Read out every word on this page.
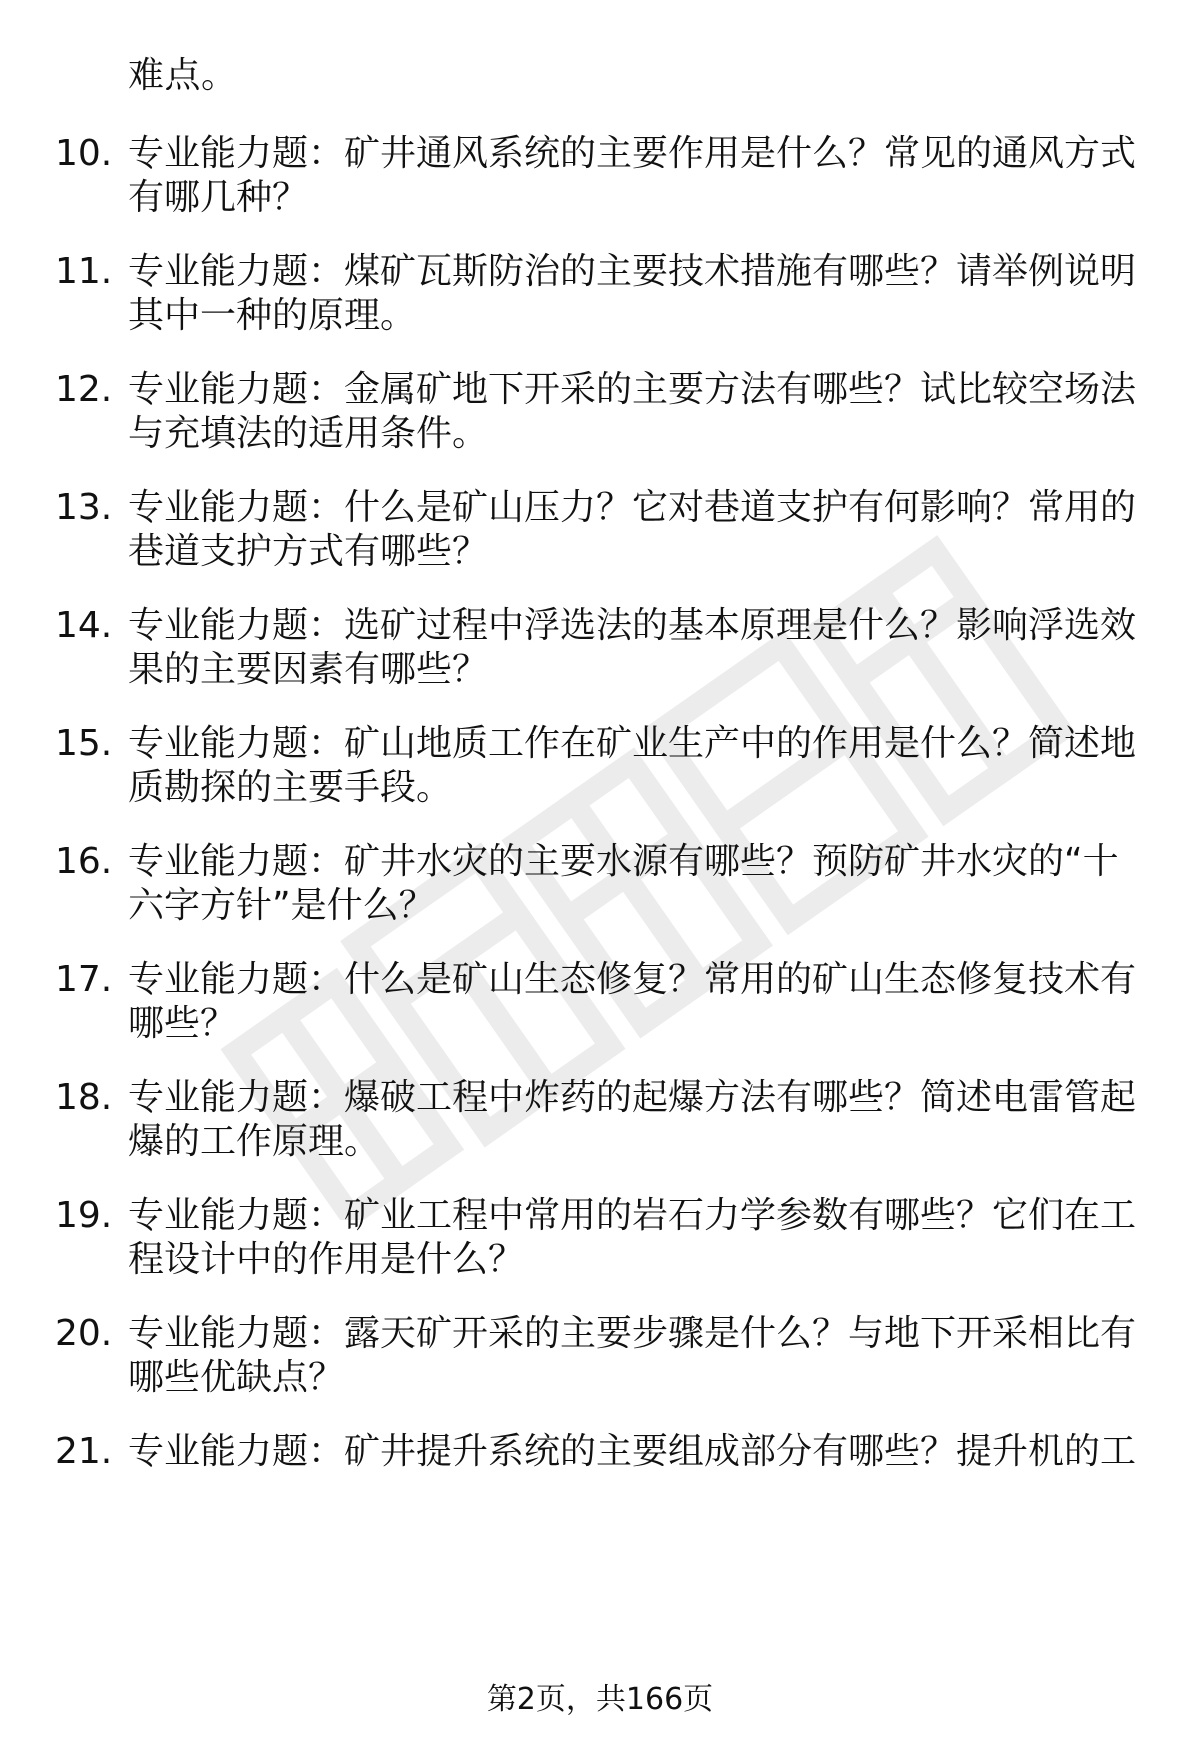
难点。
10. 专业能力题：矿井通风系统的主要作用是什么？常见的通风方式
有哪几种？
11. 专业能力题：煤矿瓦斯防治的主要技术措施有哪些？请举例说明
其中一种的原理。
12. 专业能力题：金属矿地下开采的主要方法有哪些？试比较空场法
与充填法的适用条件。
13. 专业能力题：什么是矿山压力？它对巷道支护有何影响？常用的
巷道支护方式有哪些？
14. 专业能力题：选矿过程中浮选法的基本原理是什么？影响浮选效
果的主要因素有哪些？
15. 专业能力题：矿山地质工作在矿业生产中的作用是什么？简述地
质勘探的主要手段。
16. 专业能力题：矿井水灾的主要水源有哪些？预防矿井水灾的“十
六字方针”是什么？
17. 专业能力题：什么是矿山生态修复？常用的矿山生态修复技术有
哪些？
18. 专业能力题：爆破工程中炸药的起爆方法有哪些？简述电雷管起
爆的工作原理。
19. 专业能力题：矿业工程中常用的岩石力学参数有哪些？它们在工
程设计中的作用是什么？
20. 专业能力题：露天矿开采的主要步骤是什么？与地下开采相比有
哪些优缺点？
21. 专业能力题：矿井提升系统的主要组成部分有哪些？提升机的工
第2页，共166页
